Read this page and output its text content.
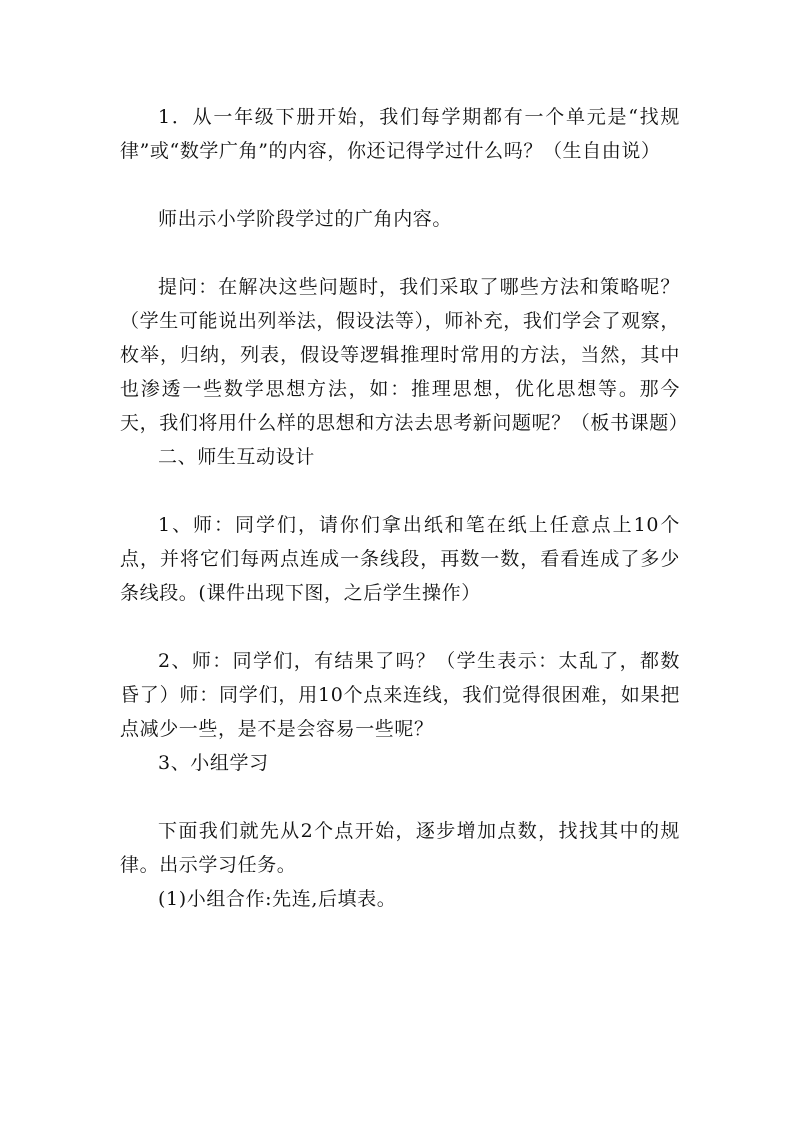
1．从一年级下册开始，我们每学期都有一个单元是“找规律”或“数学广角”的内容，你还记得学过什么吗？（生自由说）

师出示小学阶段学过的广角内容。

提问：在解决这些问题时，我们采取了哪些方法和策略呢？（学生可能说出列举法，假设法等），师补充，我们学会了观察，枚举，归纳，列表，假设等逻辑推理时常用的方法，当然，其中也渗透一些数学思想方法，如：推理思想，优化思想等。那今天，我们将用什么样的思想和方法去思考新问题呢？（板书课题）

二、师生互动设计

1、师：同学们，请你们拿出纸和笔在纸上任意点上10个点，并将它们每两点连成一条线段，再数一数，看看连成了多少条线段。(课件出现下图，之后学生操作）

2、师：同学们，有结果了吗？（学生表示：太乱了，都数昏了）师：同学们，用10个点来连线，我们觉得很困难，如果把点减少一些，是不是会容易一些呢？

3、小组学习

下面我们就先从2个点开始，逐步增加点数，找找其中的规律。出示学习任务。

(1)小组合作:先连,后填表。
